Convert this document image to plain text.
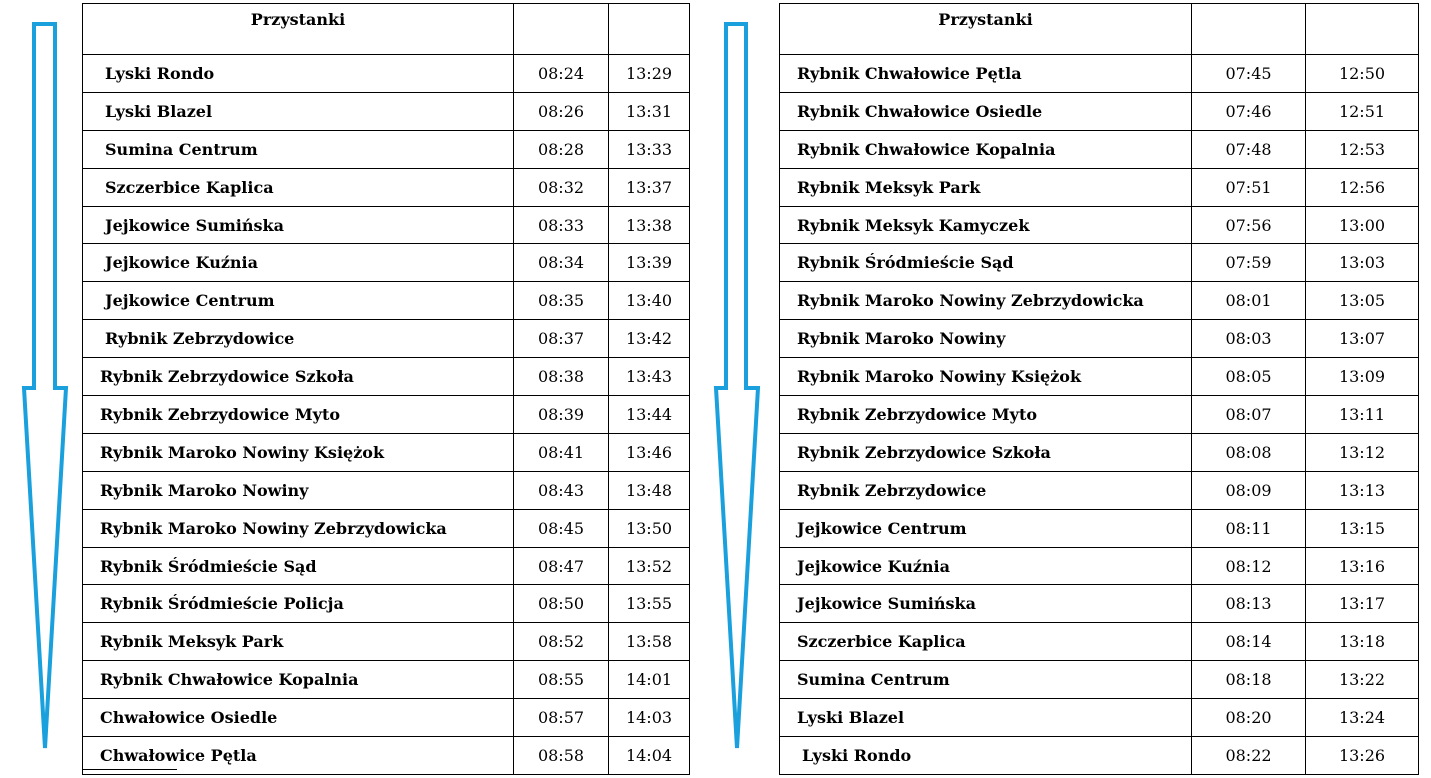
Przystanki		
Lyski Rondo	08:24	13:29
Lyski Blazel	08:26	13:31
Sumina Centrum	08:28	13:33
Szczerbice Kaplica	08:32	13:37
Jejkowice Sumińska	08:33	13:38
Jejkowice Kuźnia	08:34	13:39
Jejkowice Centrum	08:35	13:40
Rybnik Zebrzydowice	08:37	13:42
Rybnik Zebrzydowice Szkoła	08:38	13:43
Rybnik Zebrzydowice Myto	08:39	13:44
Rybnik Maroko Nowiny Księżok	08:41	13:46
Rybnik Maroko Nowiny	08:43	13:48
Rybnik Maroko Nowiny Zebrzydowicka	08:45	13:50
Rybnik Śródmieście Sąd	08:47	13:52
Rybnik Śródmieście Policja	08:50	13:55
Rybnik Meksyk Park	08:52	13:58
Rybnik Chwałowice Kopalnia	08:55	14:01
Chwałowice Osiedle	08:57	14:03
Chwałowice Pętla	08:58	14:04
Przystanki		
Rybnik Chwałowice Pętla	07:45	12:50
Rybnik Chwałowice Osiedle	07:46	12:51
Rybnik Chwałowice Kopalnia	07:48	12:53
Rybnik Meksyk Park	07:51	12:56
Rybnik Meksyk Kamyczek	07:56	13:00
Rybnik Śródmieście Sąd	07:59	13:03
Rybnik Maroko Nowiny Zebrzydowicka	08:01	13:05
Rybnik Maroko Nowiny	08:03	13:07
Rybnik Maroko Nowiny Księżok	08:05	13:09
Rybnik Zebrzydowice Myto	08:07	13:11
Rybnik Zebrzydowice Szkoła	08:08	13:12
Rybnik Zebrzydowice	08:09	13:13
Jejkowice Centrum	08:11	13:15
Jejkowice Kuźnia	08:12	13:16
Jejkowice Sumińska	08:13	13:17
Szczerbice Kaplica	08:14	13:18
Sumina Centrum	08:18	13:22
Lyski Blazel	08:20	13:24
Lyski Rondo	08:22	13:26
